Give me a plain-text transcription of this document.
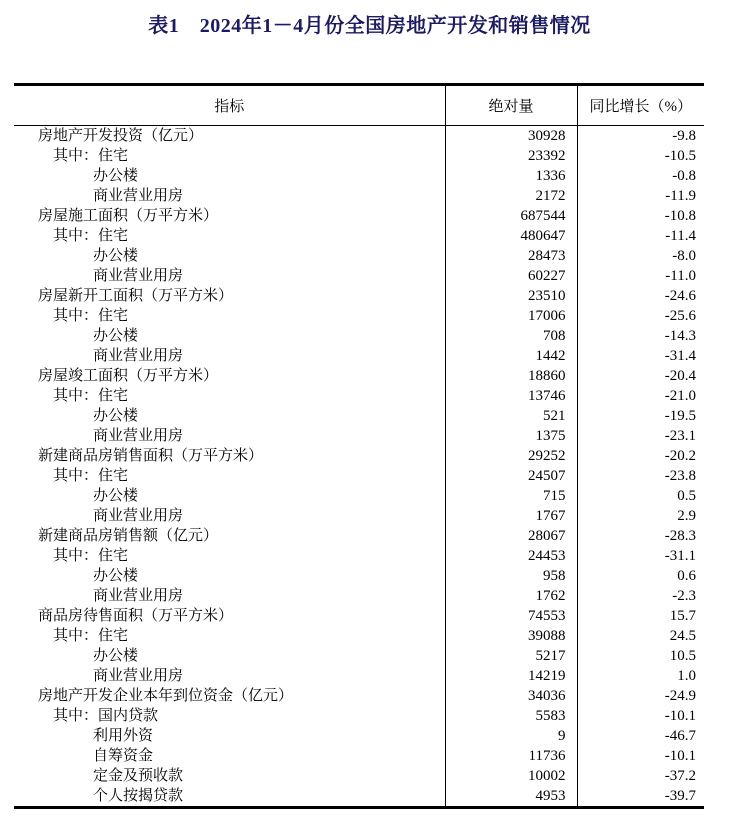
表1　2024年1－4月份全国房地产开发和销售情况
指标	绝对量	同比增长（%）
房地产开发投资（亿元）	30928	-9.8
其中：住宅	23392	-10.5
办公楼	1336	-0.8
商业营业用房	2172	-11.9
房屋施工面积（万平方米）	687544	-10.8
其中：住宅	480647	-11.4
办公楼	28473	-8.0
商业营业用房	60227	-11.0
房屋新开工面积（万平方米）	23510	-24.6
其中：住宅	17006	-25.6
办公楼	708	-14.3
商业营业用房	1442	-31.4
房屋竣工面积（万平方米）	18860	-20.4
其中：住宅	13746	-21.0
办公楼	521	-19.5
商业营业用房	1375	-23.1
新建商品房销售面积（万平方米）	29252	-20.2
其中：住宅	24507	-23.8
办公楼	715	0.5
商业营业用房	1767	2.9
新建商品房销售额（亿元）	28067	-28.3
其中：住宅	24453	-31.1
办公楼	958	0.6
商业营业用房	1762	-2.3
商品房待售面积（万平方米）	74553	15.7
其中：住宅	39088	24.5
办公楼	5217	10.5
商业营业用房	14219	1.0
房地产开发企业本年到位资金（亿元）	34036	-24.9
其中：国内贷款	5583	-10.1
利用外资	9	-46.7
自筹资金	11736	-10.1
定金及预收款	10002	-37.2
个人按揭贷款	4953	-39.7
